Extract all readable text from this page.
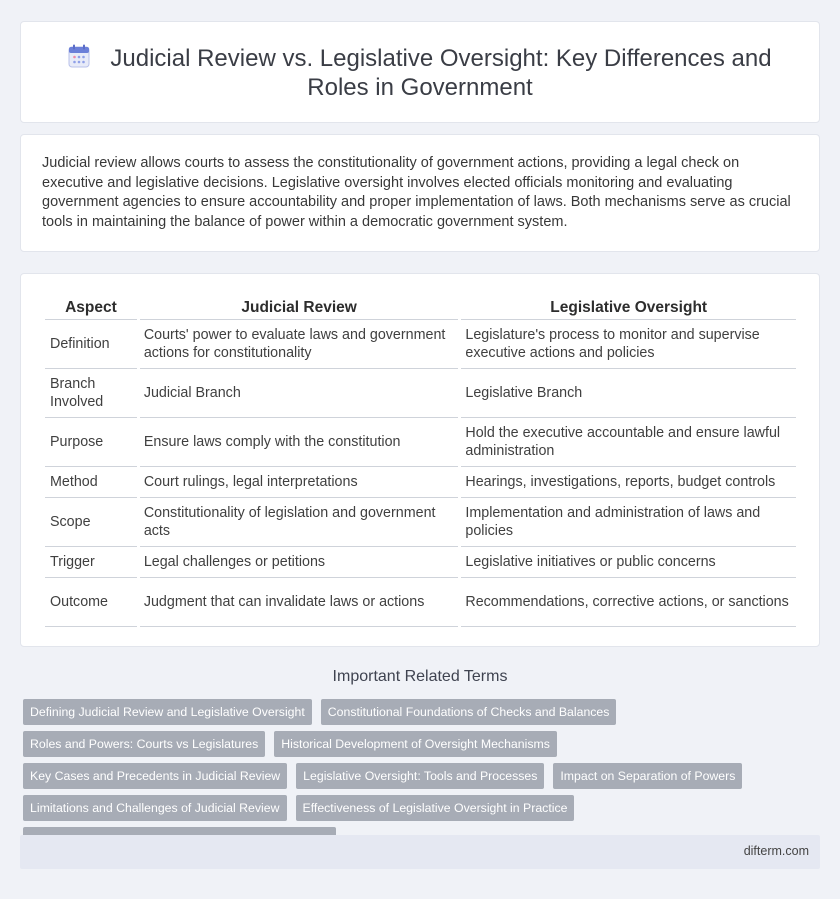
Judicial Review vs. Legislative Oversight: Key Differences and Roles in Government

Judicial review allows courts to assess the constitutionality of government actions, providing a legal check on executive and legislative decisions. Legislative oversight involves elected officials monitoring and evaluating government agencies to ensure accountability and proper implementation of laws. Both mechanisms serve as crucial tools in maintaining the balance of power within a democratic government system.

Aspect	Judicial Review	Legislative Oversight
Definition	Courts' power to evaluate laws and government actions for constitutionality	Legislature's process to monitor and supervise executive actions and policies
Branch Involved	Judicial Branch	Legislative Branch
Purpose	Ensure laws comply with the constitution	Hold the executive accountable and ensure lawful administration
Method	Court rulings, legal interpretations	Hearings, investigations, reports, budget controls
Scope	Constitutionality of legislation and government acts	Implementation and administration of laws and policies
Trigger	Legal challenges or petitions	Legislative initiatives or public concerns
Outcome	Judgment that can invalidate laws or actions	Recommendations, corrective actions, or sanctions
Important Related Terms
Defining Judicial Review and Legislative Oversight	Constitutional Foundations of Checks and Balances
Roles and Powers: Courts vs Legislatures	Historical Development of Oversight Mechanisms
Key Cases and Precedents in Judicial Review	Legislative Oversight: Tools and Processes	Impact on Separation of Powers
Limitations and Challenges of Judicial Review	Effectiveness of Legislative Oversight in Practice
difterm.com
